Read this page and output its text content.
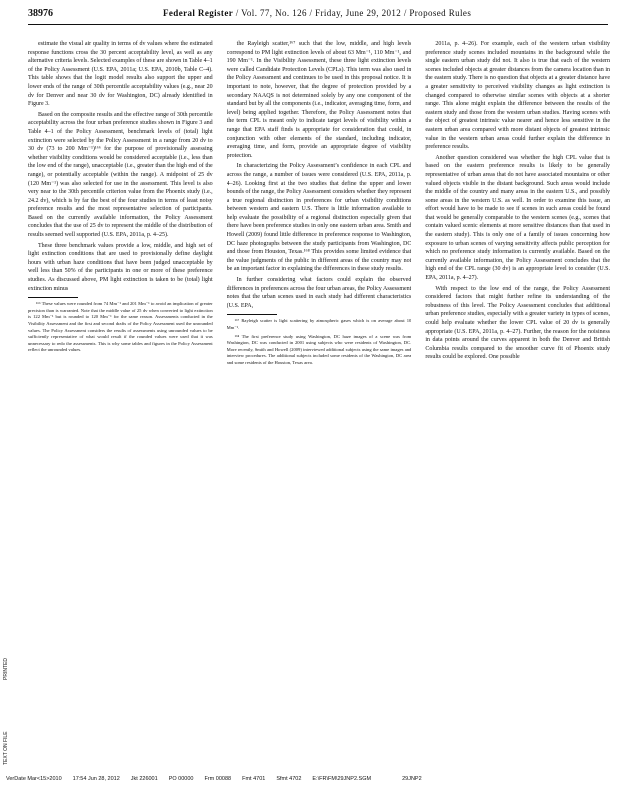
38976	Federal Register / Vol. 77, No. 126 / Friday, June 29, 2012 / Proposed Rules

estimate the visual air quality in terms of dv values where the estimated response functions cross the 30 percent acceptability level, as well as any alternative criteria levels. Selected examples of these are shown in Table 4–1 of the Policy Assessment (U.S. EPA, 2011a; U.S. EPA, 2010b, Table C–4). This table shows that the logit model results also support the upper and lower ends of the range of 30th percentile acceptability values (e.g., near 20 dv for Denver and near 30 dv for Washington, DC) already identified in Figure 3.

Based on the composite results and the effective range of 30th percentile acceptability across the four urban preference studies shown in Figure 3 and Table 4–1 of the Policy Assessment, benchmark levels of (total) light extinction were selected by the Policy Assessment in a range from 20 dv to 30 dv (73 to 200 Mm⁻¹)¹⁶⁶ for the purpose of provisionally assessing whether visibility conditions would be considered acceptable (i.e., less than the low end of the range), unacceptable (i.e., greater than the high end of the range), or potentially acceptable (within the range). A midpoint of 25 dv (120 Mm⁻¹) was also selected for use in the assessment. This level is also very near to the 30th percentile criterion value from the Phoenix study (i.e., 24.2 dv), which is by far the best of the four studies in terms of least noisy preference results and the most representative selection of participants. Based on the currently available information, the Policy Assessment concludes that the use of 25 dv to represent the middle of the distribution of results seemed well supported (U.S. EPA, 2011a, p. 4–25).

These three benchmark values provide a low, middle, and high set of light extinction conditions that are used to provisionally define daylight hours with urban haze conditions that have been judged unacceptable by well less than 50% of the participants in one or more of these preference studies. As discussed above, PM light extinction is taken to be (total) light extinction minus

¹⁶⁶ These values were rounded from 74 Mm⁻¹ and 201 Mm⁻¹ to avoid an implication of greater precision than is warranted. Note that the middle value of 25 dv when converted to light extinction is 122 Mm⁻¹ but is rounded to 120 Mm⁻¹ for the same reason. Assessments conducted in the Visibility Assessment and the first and second drafts of the Policy Assessment used the unrounded values. The Policy Assessment considers the results of assessments using unrounded values to be sufficiently representative of what would result if the rounded values were used that it was unnecessary to redo the assessments. This is why some tables and figures in the Policy Assessment reflect the unrounded values.

the Rayleigh scatter,¹⁶⁷ such that the low, middle, and high levels correspond to PM light extinction levels of about 63 Mm⁻¹, 110 Mm⁻¹, and 190 Mm⁻¹. In the Visibility Assessment, these three light extinction levels were called Candidate Protection Levels (CPLs). This term was also used in the Policy Assessment and continues to be used in this proposal notice. It is important to note, however, that the degree of protection provided by a secondary NAAQS is not determined solely by any one component of the standard but by all the components (i.e., indicator, averaging time, form, and level) being applied together. Therefore, the Policy Assessment notes that the term CPL is meant only to indicate target levels of visibility within a range that EPA staff finds is appropriate for consideration that could, in conjunction with other elements of the standard, including indicator, averaging time, and form, provide an appropriate degree of visibility protection.

In characterizing the Policy Assessment’s confidence in each CPL and across the range, a number of issues were considered (U.S. EPA, 2011a, p. 4–26). Looking first at the two studies that define the upper and lower bounds of the range, the Policy Assessment considers whether they represent a true regional distinction in preferences for urban visibility conditions between western and eastern U.S. There is little information available to help evaluate the possibility of a regional distinction especially given that there have been preference studies in only one eastern urban area. Smith and Howell (2009) found little difference in preference response to Washington, DC haze photographs between the study participants from Washington, DC and those from Houston, Texas.¹⁶⁸ This provides some limited evidence that the value judgments of the public in different areas of the country may not be an important factor in explaining the differences in these study results.

In further considering what factors could explain the observed differences in preferences across the four urban areas, the Policy Assessment notes that the urban scenes used in each study had different characteristics (U.S. EPA,

¹⁶⁷ Rayleigh scatter is light scattering by atmospheric gases which is on average about 10 Mm⁻¹.

¹⁶⁸ The first preference study using Washington, DC haze images of a scene was from Washington, DC was conducted in 2001 using subjects who were residents of Washington, DC. More recently, Smith and Howell (2009) interviewed additional subjects using the same images and interview procedures. The additional subjects included some residents of the Washington, DC area and some residents of the Houston, Texas area.

2011a, p. 4–26). For example, each of the western urban visibility preference study scenes included mountains in the background while the single eastern urban study did not. It also is true that each of the western scenes included objects at greater distances from the camera location than in the eastern study. There is no question that objects at a greater distance have a greater sensitivity to perceived visibility changes as light extinction is changed compared to otherwise similar scenes with objects at a shorter range. This alone might explain the difference between the results of the eastern study and those from the western urban studies. Having scenes with the object of greatest intrinsic value nearer and hence less sensitive in the eastern urban area compared with more distant objects of greatest intrinsic value in the western urban areas could further explain the difference in preference results.

Another question considered was whether the high CPL value that is based on the eastern preference results is likely to be generally representative of urban areas that do not have associated mountains or other valued objects visible in the distant background. Such areas would include the middle of the country and many areas in the eastern U.S., and possibly some areas in the western U.S. as well. In order to examine this issue, an effort would have to be made to see if scenes in such areas could be found that would be generally comparable to the western scenes (e.g., scenes that contain valued scenic elements at more sensitive distances than that used in the eastern study). This is only one of a family of issues concerning how exposure to urban scenes of varying sensitivity affects public perception for which no preference study information is currently available. Based on the currently available information, the Policy Assessment concludes that the high end of the CPL range (30 dv) is an appropriate level to consider (U.S. EPA, 2011a, p. 4–27).

With respect to the low end of the range, the Policy Assessment considered factors that might further refine its understanding of the robustness of this level. The Policy Assessment concludes that additional urban preference studies, especially with a greater variety in types of scenes, could help evaluate whether the lower CPL value of 20 dv is generally appropriate (U.S. EPA, 2011a, p. 4–27). Further, the reason for the noisiness in data points around the curves apparent in both the Denver and British Columbia results compared to the smoother curve fit of Phoenix study results could be explored. One possible

PRINTED
TEXT ON FILE
VerDate Mar<15>2010 17:54 Jun 28, 2012 Jkt 226001 PO 00000 Frm 00088 Fmt 4701 Sfmt 4702 E:\FR\FM\29JNP2.SGM	29JNP2
